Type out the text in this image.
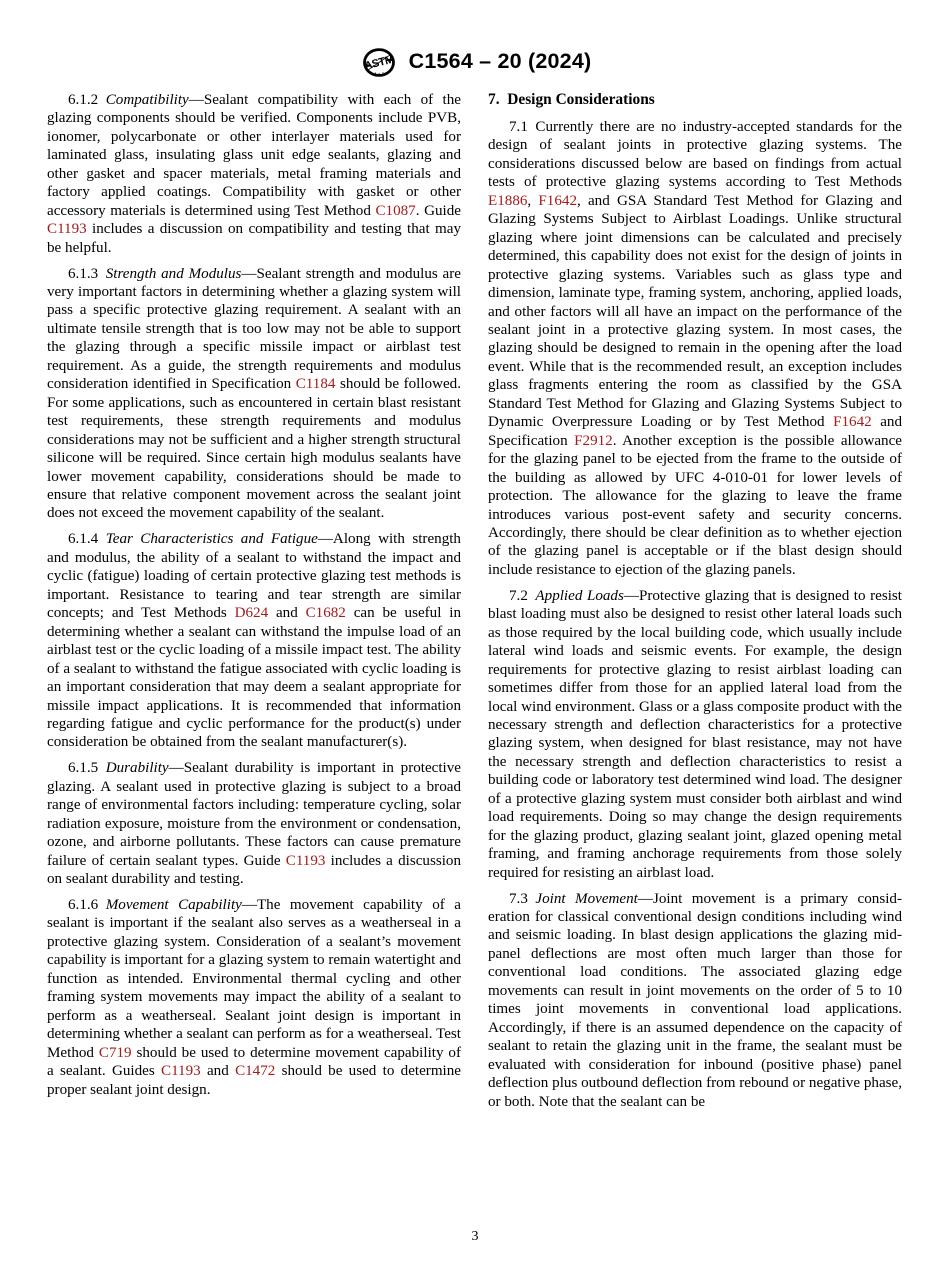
ASTM C1564 – 20 (2024)

6.1.2  Compatibility—Sealant compatibility with each of the glazing components should be verified. Components include PVB, ionomer, polycarbonate or other interlayer materials used for laminated glass, insulating glass unit edge sealants, glazing and other gasket and spacer materials, metal framing materials and factory applied coatings. Compatibility with gasket or other accessory materials is determined using Test Method C1087. Guide C1193 includes a discussion on compatibility and testing that may be helpful.

6.1.3  Strength and Modulus—Sealant strength and modulus are very important factors in determining whether a glazing system will pass a specific protective glazing requirement. A sealant with an ultimate tensile strength that is too low may not be able to support the glazing through a specific missile impact or airblast test requirement. As a guide, the strength requirements and modulus consideration identified in Specification C1184 should be followed. For some applications, such as encountered in certain blast resistant test requirements, these strength requirements and modulus considerations may not be sufficient and a higher strength structural silicone will be required. Since certain high modulus sealants have lower movement capability, considerations should be made to ensure that relative component movement across the sealant joint does not exceed the movement capability of the sealant.

6.1.4  Tear Characteristics and Fatigue—Along with strength and modulus, the ability of a sealant to withstand the impact and cyclic (fatigue) loading of certain protective glazing test methods is important. Resistance to tearing and tear strength are similar concepts; and Test Methods D624 and C1682 can be useful in determining whether a sealant can withstand the impulse load of an airblast test or the cyclic loading of a missile impact test. The ability of a sealant to withstand the fatigue associated with cyclic loading is an important consideration that may deem a sealant appropriate for missile impact applications. It is recommended that information regarding fatigue and cyclic performance for the product(s) under consideration be obtained from the sealant manufacturer(s).

6.1.5  Durability—Sealant durability is important in protective glazing. A sealant used in protective glazing is subject to a broad range of environmental factors including: temperature cycling, solar radiation exposure, moisture from the environment or condensation, ozone, and airborne pollutants. These factors can cause premature failure of certain sealant types. Guide C1193 includes a discussion on sealant durability and testing.

6.1.6  Movement Capability—The movement capability of a sealant is important if the sealant also serves as a weatherseal in a protective glazing system. Consideration of a sealant’s movement capability is important for a glazing system to remain watertight and function as intended. Environmental thermal cycling and other framing system movements may impact the ability of a sealant to perform as a weatherseal. Sealant joint design is important in determining whether a sealant can perform as for a weatherseal. Test Method C719 should be used to determine movement capability of a sealant. Guides C1193 and C1472 should be used to determine proper sealant joint design.

7.  Design Considerations

7.1  Currently there are no industry-accepted standards for the design of sealant joints in protective glazing systems. The considerations discussed below are based on findings from actual tests of protective glazing systems according to Test Methods E1886, F1642, and GSA Standard Test Method for Glazing and Glazing Systems Subject to Airblast Loadings. Unlike structural glazing where joint dimensions can be calculated and precisely determined, this capability does not exist for the design of joints in protective glazing systems. Variables such as glass type and dimension, laminate type, framing system, anchoring, applied loads, and other factors will all have an impact on the performance of the sealant joint in a protective glazing system. In most cases, the glazing should be designed to remain in the opening after the load event. While that is the recommended result, an exception includes glass fragments entering the room as classified by the GSA Standard Test Method for Glazing and Glazing Systems Subject to Dynamic Overpressure Loading or by Test Method F1642 and Specification F2912. Another exception is the possible allowance for the glazing panel to be ejected from the frame to the outside of the building as allowed by UFC 4-010-01 for lower levels of protection. The allowance for the glazing to leave the frame introduces various post-event safety and security concerns. Accordingly, there should be clear definition as to whether ejection of the glazing panel is acceptable or if the blast design should include resistance to ejection of the glazing panels.

7.2  Applied Loads—Protective glazing that is designed to resist blast loading must also be designed to resist other lateral loads such as those required by the local building code, which usually include lateral wind loads and seismic events. For example, the design requirements for protective glazing to resist airblast loading can sometimes differ from those for an applied lateral load from the local wind environment. Glass or a glass composite product with the necessary strength and deflection characteristics for a protective glazing system, when designed for blast resistance, may not have the necessary strength and deflection characteristics to resist a building code or laboratory test determined wind load. The designer of a protective glazing system must consider both airblast and wind load requirements. Doing so may change the design requirements for the glazing product, glazing sealant joint, glazed opening metal framing, and framing anchorage requirements from those solely required for resisting an airblast load.

7.3  Joint Movement—Joint movement is a primary consideration for classical conventional design conditions including wind and seismic loading. In blast design applications the glazing mid-panel deflections are most often much larger than those for conventional load conditions. The associated glazing edge movements can result in joint movements on the order of 5 to 10 times joint movements in conventional load applications. Accordingly, if there is an assumed dependence on the capacity of sealant to retain the glazing unit in the frame, the sealant must be evaluated with consideration for inbound (positive phase) panel deflection plus outbound deflection from rebound or negative phase, or both. Note that the sealant can be

3
